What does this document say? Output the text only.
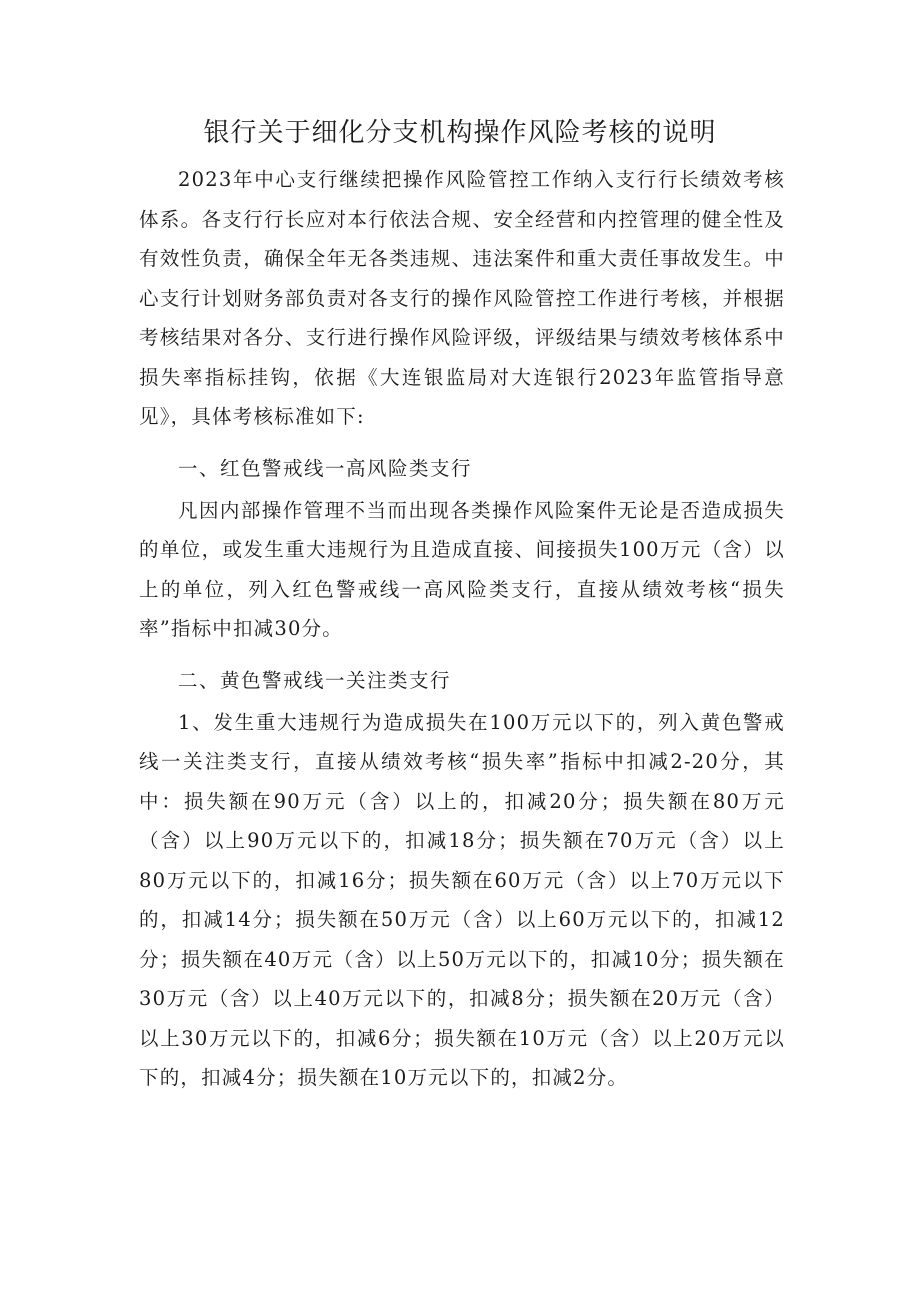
银行关于细化分支机构操作风险考核的说明

2023年中心支行继续把操作风险管控工作纳入支行行长绩效考核体系。各支行行长应对本行依法合规、安全经营和内控管理的健全性及有效性负责，确保全年无各类违规、违法案件和重大责任事故发生。中心支行计划财务部负责对各支行的操作风险管控工作进行考核，并根据考核结果对各分、支行进行操作风险评级，评级结果与绩效考核体系中损失率指标挂钩，依据《大连银监局对大连银行2023年监管指导意见》，具体考核标准如下:

一、红色警戒线一高风险类支行

凡因内部操作管理不当而出现各类操作风险案件无论是否造成损失的单位，或发生重大违规行为且造成直接、间接损失100万元（含）以上的单位，列入红色警戒线一高风险类支行，直接从绩效考核“损失率”指标中扣减30分。

二、黄色警戒线一关注类支行

1、发生重大违规行为造成损失在100万元以下的，列入黄色警戒线一关注类支行，直接从绩效考核“损失率”指标中扣减2-20分，其中：损失额在90万元（含）以上的，扣减20分；损失额在80万元（含）以上90万元以下的，扣减18分；损失额在70万元（含）以上80万元以下的，扣减16分；损失额在60万元（含）以上70万元以下的，扣减14分；损失额在50万元（含）以上60万元以下的，扣减12分；损失额在40万元（含）以上50万元以下的，扣减10分；损失额在30万元（含）以上40万元以下的，扣减8分；损失额在20万元（含）以上30万元以下的，扣减6分；损失额在10万元（含）以上20万元以下的，扣减4分；损失额在10万元以下的，扣减2分。
